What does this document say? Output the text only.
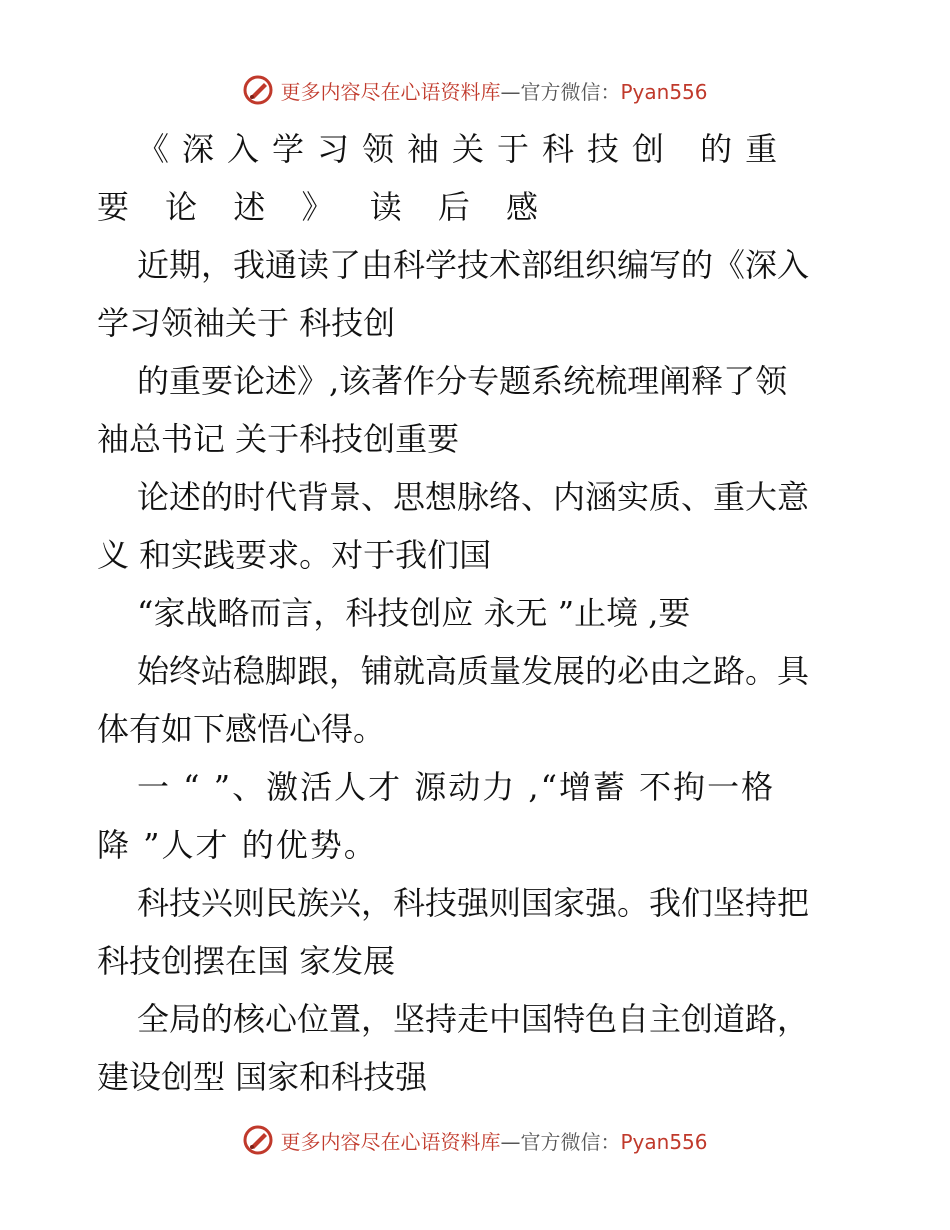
更多内容尽在心语资料库—官方微信：Pyan556
《深入学习领袖关于科技创 的重
要 论 述 》 读 后 感
近期，我通读了由科学技术部组织编写的《深入
学习领袖关于 科技创
的重要论述》,该著作分专题系统梳理阐释了领
袖总书记 关于科技创重要
论述的时代背景、思想脉络、内涵实质、重大意
义 和实践要求。对于我们国
“家战略而言，科技创应 永无 ”止境 ,要
始终站稳脚跟，铺就高质量发展的必由之路。具
体有如下感悟心得。
一 “ ”、激活人才 源动力 ,“增蓄 不拘一格
降 ”人才 的优势。
科技兴则民族兴，科技强则国家强。我们坚持把
科技创摆在国 家发展
全局的核心位置，坚持走中国特色自主创道路，
建设创型 国家和科技强
更多内容尽在心语资料库—官方微信：Pyan556
